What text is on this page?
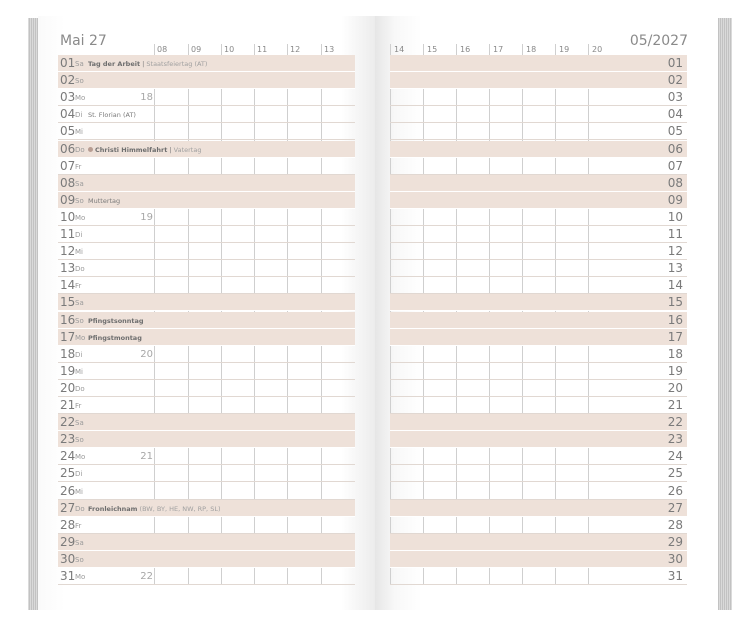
Mai 27	05/2027
08	09	10	11	12	13	14	15	16	17	18	19	20
01 Sa Tag der Arbeit | Staatsfeiertag (AT)	01
02 So	02
03 Mo	18	03
04 Di St. Florian (AT)	04
05 Mi	05
06 Do	Christi Himmelfahrt | Vatertag	06
07 Fr	07
08 Sa	08
09 So Muttertag	09
10 Mo	19	10
11 Di	11
12 Mi	12
13 Do	13
14 Fr	14
15 Sa	15
16 So Pfingstsonntag	16
17 Mo Pfingstmontag	17
18 Di	20	18
19 Mi	19
20 Do	20
21 Fr	21
22 Sa	22
23 So	23
24 Mo	21	24
25 Di	25
26 Mi	26
27 Do Fronleichnam (BW, BY, HE, NW, RP, SL)	27
28 Fr	28
29 Sa	29
30 So	30
31 Mo	22	31
